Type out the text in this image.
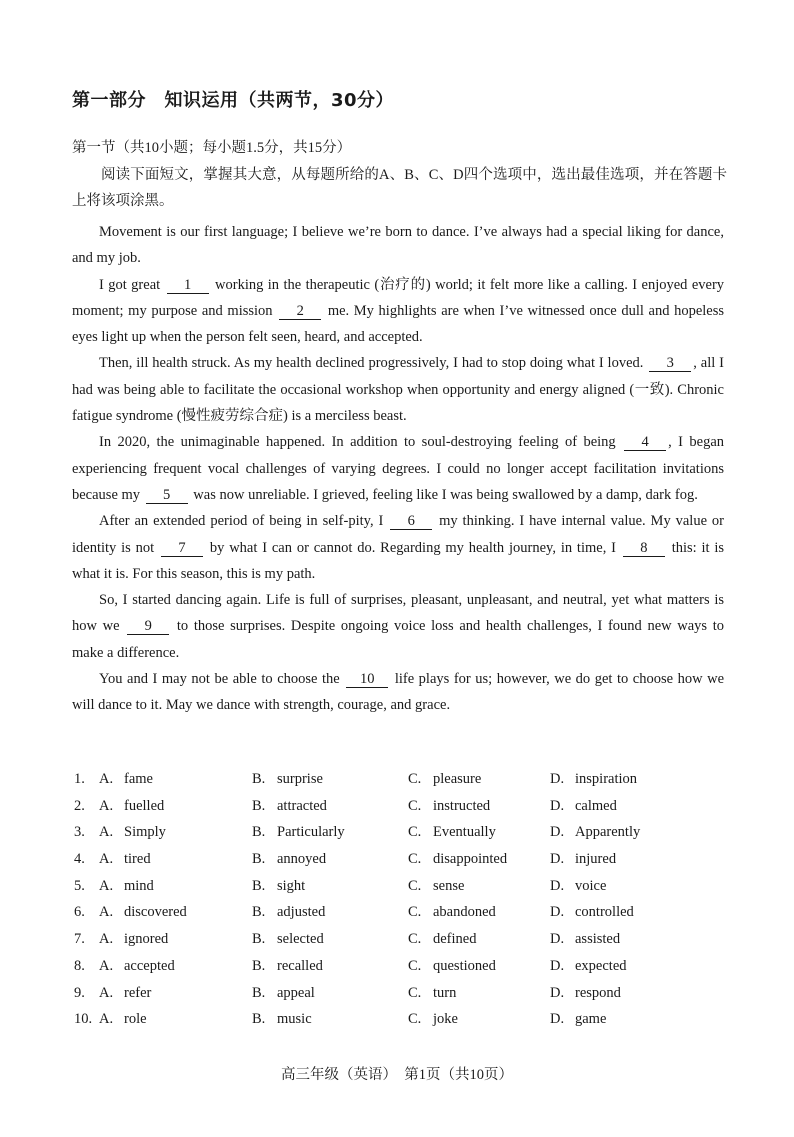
第一部分　知识运用（共两节，30分）
第一节（共10小题；每小题1.5分，共15分）
阅读下面短文，掌握其大意，从每题所给的A、B、C、D四个选项中，选出最佳选项，并在答题卡上将该项涂黑。

Movement is our first language; I believe we’re born to dance. I’ve always had a special liking for dance, and my job.

I got great 1 working in the therapeutic (治疗的) world; it felt more like a calling. I enjoyed every moment; my purpose and mission 2 me. My highlights are when I’ve witnessed once dull and hopeless eyes light up when the person felt seen, heard, and accepted.

Then, ill health struck. As my health declined progressively, I had to stop doing what I loved. 3 , all I had was being able to facilitate the occasional workshop when opportunity and energy aligned (一致). Chronic fatigue syndrome (慢性疲劳综合症) is a merciless beast.

In 2020, the unimaginable happened. In addition to soul-destroying feeling of being 4 , I began experiencing frequent vocal challenges of varying degrees. I could no longer accept facilitation invitations because my 5 was now unreliable. I grieved, feeling like I was being swallowed by a damp, dark fog.

After an extended period of being in self-pity, I 6 my thinking. I have internal value. My value or identity is not 7 by what I can or cannot do. Regarding my health journey, in time, I 8 this: it is what it is. For this season, this is my path.

So, I started dancing again. Life is full of surprises, pleasant, unpleasant, and neutral, yet what matters is how we 9 to those surprises. Despite ongoing voice loss and health challenges, I found new ways to make a difference.

You and I may not be able to choose the 10 life plays for us; however, we do get to choose how we will dance to it. May we dance with strength, courage, and grace.

1. A. fame	B. surprise	C. pleasure	D. inspiration
2. A. fuelled	B. attracted	C. instructed	D. calmed
3. A. Simply	B. Particularly	C. Eventually	D. Apparently
4. A. tired	B. annoyed	C. disappointed	D. injured
5. A. mind	B. sight	C. sense	D. voice
6. A. discovered	B. adjusted	C. abandoned	D. controlled
7. A. ignored	B. selected	C. defined	D. assisted
8. A. accepted	B. recalled	C. questioned	D. expected
9. A. refer	B. appeal	C. turn	D. respond
10. A. role	B. music	C. joke	D. game
高三年级（英语）　第1页（共10页）
